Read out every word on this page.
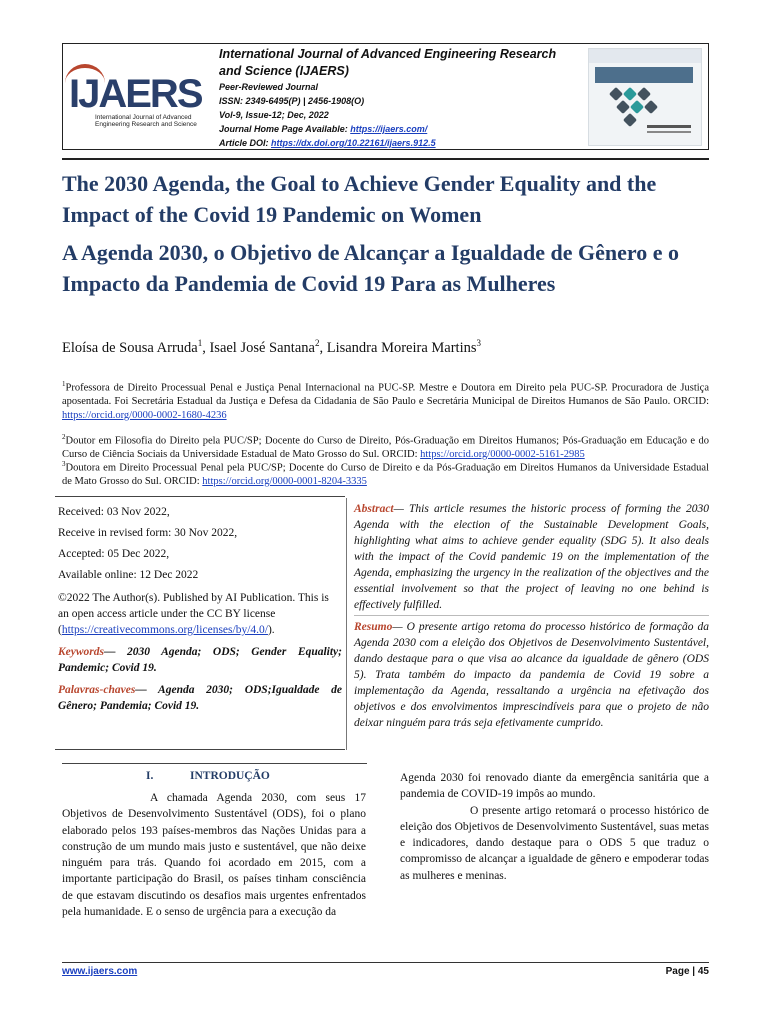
IJAERS
International Journal of Advanced Engineering Research and Science
International Journal of Advanced Engineering Research
and Science (IJAERS)
Peer-Reviewed Journal
ISSN: 2349-6495(P) | 2456-1908(O)
Vol-9, Issue-12; Dec, 2022
Journal Home Page Available: https://ijaers.com/
Article DOI: https://dx.doi.org/10.22161/ijaers.912.5
The 2030 Agenda, the Goal to Achieve Gender Equality and the Impact of the Covid 19 Pandemic on Women
A Agenda 2030, o Objetivo de Alcançar a Igualdade de Gênero e o Impacto da Pandemia de Covid 19 Para as Mulheres
Eloísa de Sousa Arruda$^1$, Isael José Santana$^2$, Lisandra Moreira Martins$^3$
$^1$Professora de Direito Processual Penal e Justiça Penal Internacional na PUC-SP. Mestre e Doutora em Direito pela PUC-SP. Procuradora de Justiça aposentada. Foi Secretária Estadual da Justiça e Defesa da Cidadania de São Paulo e Secretária Municipal de Direitos Humanos de São Paulo. ORCID: https://orcid.org/0000-0002-1680-4236
$^2$Doutor em Filosofia do Direito pela PUC/SP; Docente do Curso de Direito, Pós-Graduação em Direitos Humanos; Pós-Graduação em Educação e do Curso de Ciência Sociais da Universidade Estadual de Mato Grosso do Sul. ORCID: https://orcid.org/0000-0002-5161-2985
$^3$Doutora em Direito Processual Penal pela PUC/SP; Docente do Curso de Direito e da Pós-Graduação em Direitos Humanos da Universidade Estadual de Mato Grosso do Sul. ORCID: https://orcid.org/0000-0001-8204-3335
Received: 03 Nov 2022,
Receive in revised form: 30 Nov 2022,
Accepted: 05 Dec 2022,
Available online: 12 Dec 2022
©2022 The Author(s). Published by AI Publication. This is an open access article under the CC BY license
(https://creativecommons.org/licenses/by/4.0/).
Keywords— 2030 Agenda; ODS; Gender Equality; Pandemic; Covid 19.
Palavras-chaves— Agenda 2030; ODS;Igualdade de Gênero; Pandemia; Covid 19.
Abstract— This article resumes the historic process of forming the 2030 Agenda with the election of the Sustainable Development Goals, highlighting what aims to achieve gender equality (SDG 5). It also deals with the impact of the Covid pandemic 19 on the implementation of the Agenda, emphasizing the urgency in the realization of the objectives and the essential involvement so that the project of leaving no one behind is effectively fulfilled.
Resumo— O presente artigo retoma do processo histórico de formação da Agenda 2030 com a eleição dos Objetivos de Desenvolvimento Sustentável, dando destaque para o que visa ao alcance da igualdade de gênero (ODS 5). Trata também do impacto da pandemia de Covid 19 sobre a implementação da Agenda, ressaltando a urgência na efetivação dos objetivos e dos envolvimentos imprescindíveis para que o projeto de não deixar ninguém para trás seja efetivamente cumprido.
I.	INTRODUÇÃO

A chamada Agenda 2030, com seus 17 Objetivos de Desenvolvimento Sustentável (ODS), foi o plano elaborado pelos 193 países-membros das Nações Unidas para a construção de um mundo mais justo e sustentável, que não deixe ninguém para trás. Quando foi acordado em 2015, com a importante participação do Brasil, os países tinham consciência de que estavam discutindo os desafios mais urgentes enfrentados pela humanidade. E o senso de urgência para a execução da

Agenda 2030 foi renovado diante da emergência sanitária que a pandemia de COVID-19 impôs ao mundo.

O presente artigo retomará o processo histórico de eleição dos Objetivos de Desenvolvimento Sustentável, suas metas e indicadores, dando destaque para o ODS 5 que traduz o compromisso de alcançar a igualdade de gênero e empoderar todas as mulheres e meninas.

www.ijaers.com	Page | 45
